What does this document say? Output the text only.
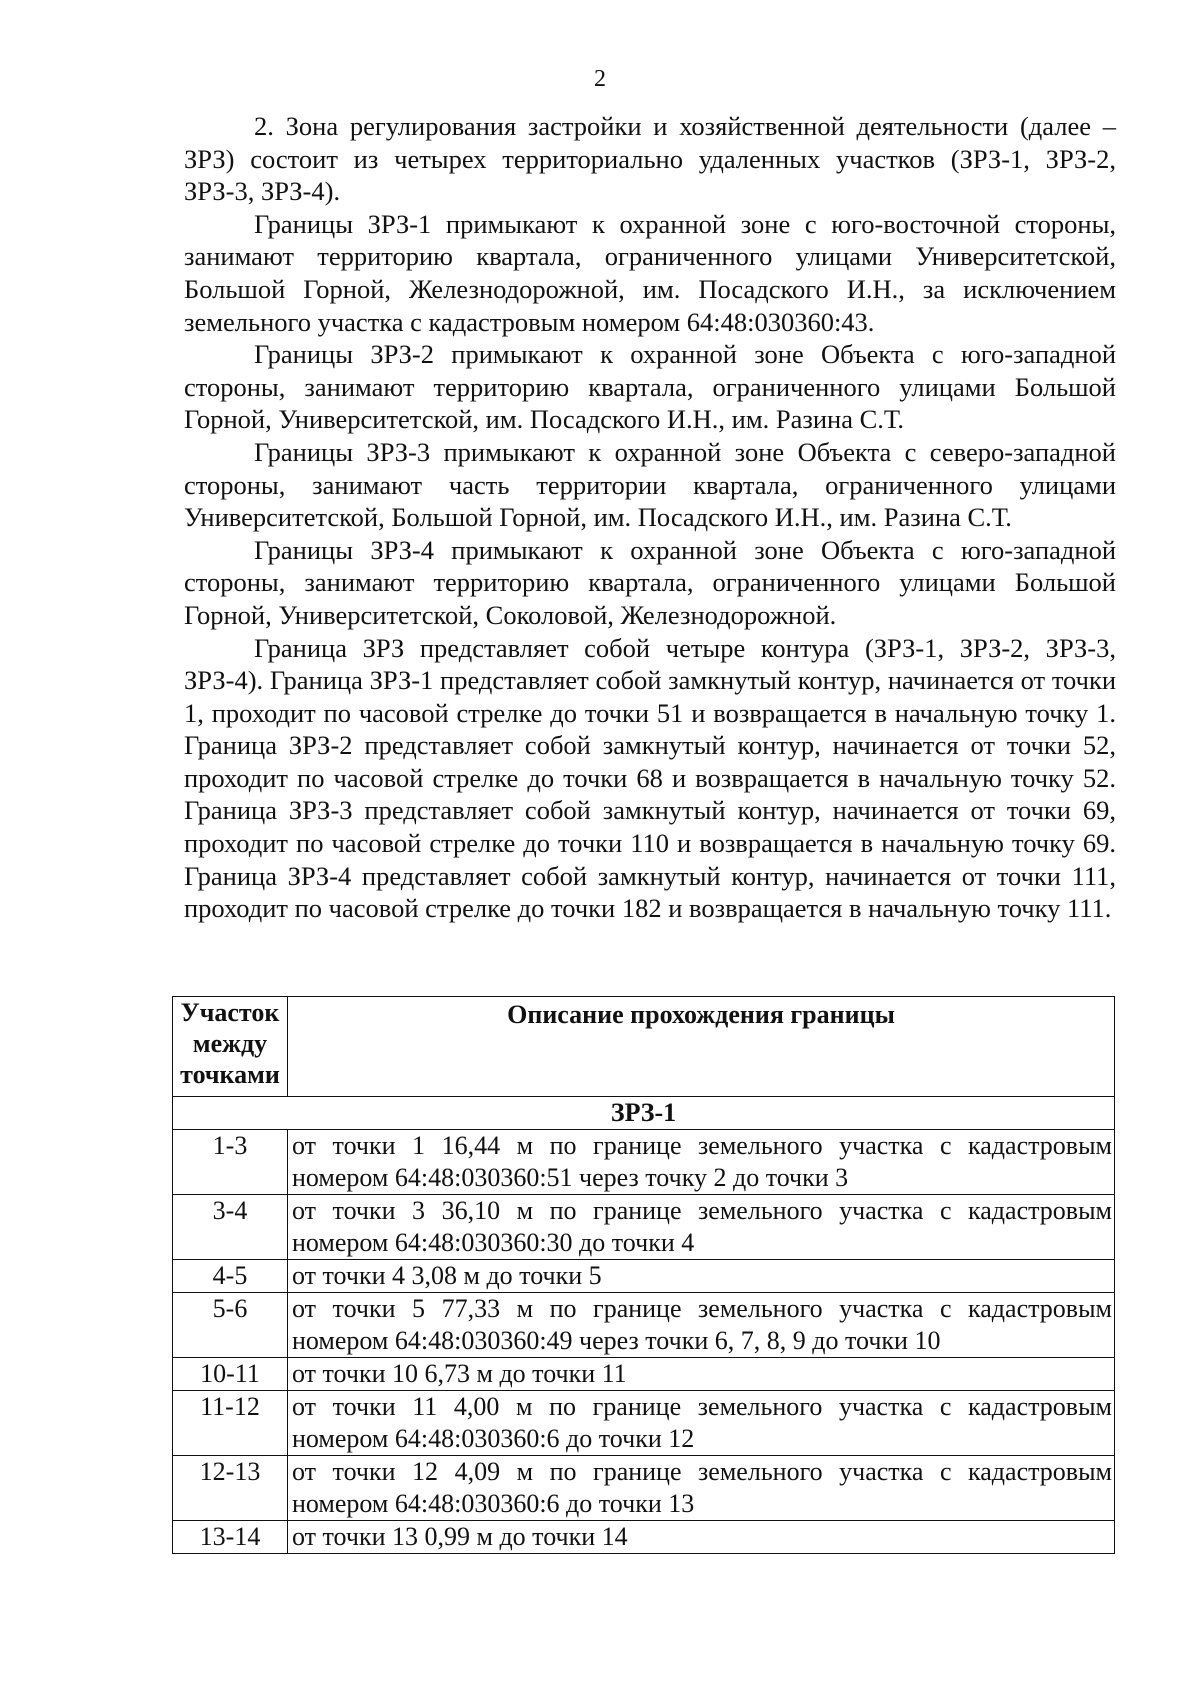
2

2. Зона регулирования застройки и хозяйственной деятельности (далее – ЗРЗ) состоит из четырех территориально удаленных участков (ЗРЗ-1, ЗРЗ-2, ЗРЗ-3, ЗРЗ-4).

Границы ЗРЗ-1 примыкают к охранной зоне с юго-восточной стороны, занимают территорию квартала, ограниченного улицами Университетской, Большой Горной, Железнодорожной, им. Посадского И.Н., за исключением земельного участка с кадастровым номером 64:48:030360:43.

Границы ЗРЗ-2 примыкают к охранной зоне Объекта с юго-западной стороны, занимают территорию квартала, ограниченного улицами Большой Горной, Университетской, им. Посадского И.Н., им. Разина С.Т.

Границы ЗРЗ-3 примыкают к охранной зоне Объекта с северо-западной стороны, занимают часть территории квартала, ограниченного улицами Университетской, Большой Горной, им. Посадского И.Н., им. Разина С.Т.

Границы ЗРЗ-4 примыкают к охранной зоне Объекта с юго-западной стороны, занимают территорию квартала, ограниченного улицами Большой Горной, Университетской, Соколовой, Железнодорожной.

Граница ЗРЗ представляет собой четыре контура (ЗРЗ-1, ЗРЗ-2, ЗРЗ-3, ЗРЗ-4). Граница ЗРЗ-1 представляет собой замкнутый контур, начинается от точки 1, проходит по часовой стрелке до точки 51 и возвращается в начальную точку 1. Граница ЗРЗ-2 представляет собой замкнутый контур, начинается от точки 52, проходит по часовой стрелке до точки 68 и возвращается в начальную точку 52. Граница ЗРЗ-3 представляет собой замкнутый контур, начинается от точки 69, проходит по часовой стрелке до точки 110 и возвращается в начальную точку 69. Граница ЗРЗ-4 представляет собой замкнутый контур, начинается от точки 111, проходит по часовой стрелке до точки 182 и возвращается в начальную точку 111.

Участок между точками	Описание прохождения границы
ЗРЗ-1	
1-3	от точки 1 16,44 м по границе земельного участка с кадастровым номером 64:48:030360:51 через точку 2 до точки 3
3-4	от точки 3 36,10 м по границе земельного участка с кадастровым номером 64:48:030360:30 до точки 4
4-5	от точки 4 3,08 м до точки 5
5-6	от точки 5 77,33 м по границе земельного участка с кадастровым номером 64:48:030360:49 через точки 6, 7, 8, 9 до точки 10
10-11	от точки 10 6,73 м до точки 11
11-12	от точки 11 4,00 м по границе земельного участка с кадастровым номером 64:48:030360:6 до точки 12
12-13	от точки 12 4,09 м по границе земельного участка с кадастровым номером 64:48:030360:6 до точки 13
13-14	от точки 13 0,99 м до точки 14
